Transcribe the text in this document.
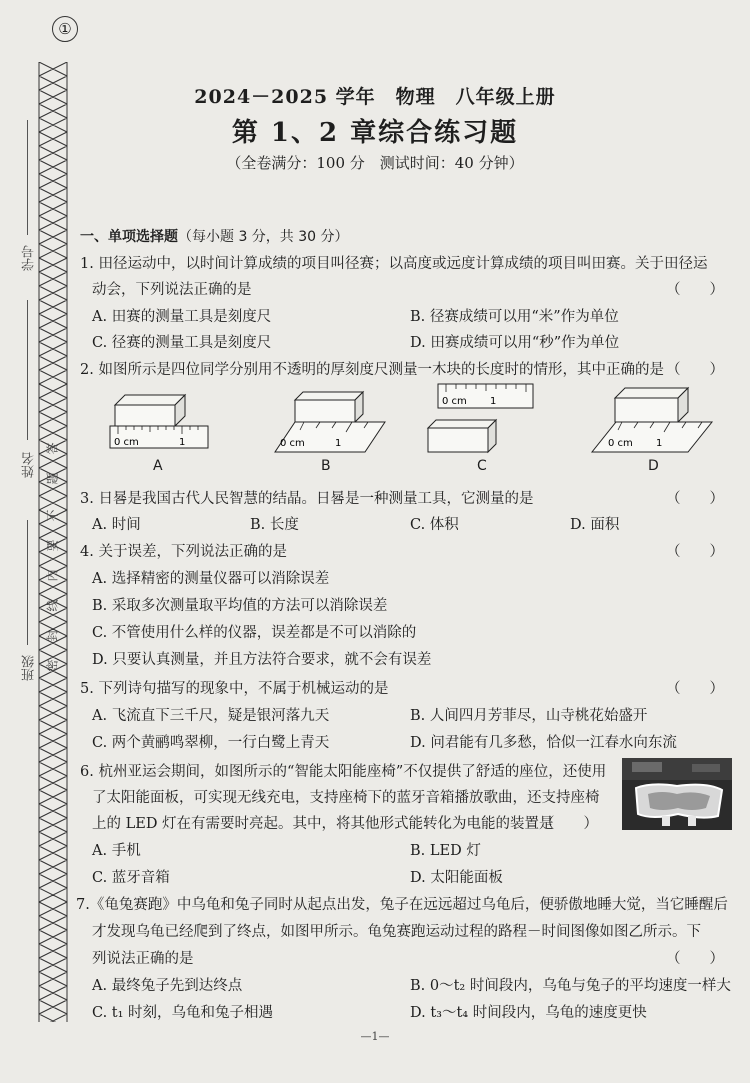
①
学号
姓名
班级
答
题
不
要
内
线
封
密
2024－2025 学年　物理　八年级上册
第 1、2 章综合练习题
（全卷满分：100 分　测试时间：40 分钟）
一、单项选择题（每小题 3 分，共 30 分）
1. 田径运动中，以时间计算成绩的项目叫径赛；以高度或远度计算成绩的项目叫田赛。关于田径运
动会，下列说法正确的是	（　　）
A. 田赛的测量工具是刻度尺	B. 径赛成绩可以用“米”作为单位
C. 径赛的测量工具是刻度尺	D. 田赛成绩可以用“秒”作为单位
2. 如图所示是四位同学分别用不透明的厚刻度尺测量一木块的长度时的情形，其中正确的是 （　　）
0 cm	1	0 cm	1
0 cm 1
0 cm 1
A	B	C	D
3. 日晷是我国古代人民智慧的结晶。日晷是一种测量工具，它测量的是	（　　）
A. 时间	B. 长度	C. 体积	D. 面积
4. 关于误差，下列说法正确的是	（　　）
A. 选择精密的测量仪器可以消除误差
B. 采取多次测量取平均值的方法可以消除误差
C. 不管使用什么样的仪器，误差都是不可以消除的
D. 只要认真测量，并且方法符合要求，就不会有误差
5. 下列诗句描写的现象中，不属于机械运动的是	（　　）
A. 飞流直下三千尺，疑是银河落九天	B. 人间四月芳菲尽，山寺桃花始盛开
C. 两个黄鹂鸣翠柳，一行白鹭上青天	D. 问君能有几多愁，恰似一江春水向东流
6. 杭州亚运会期间，如图所示的“智能太阳能座椅”不仅提供了舒适的座位，还使用
了太阳能面板，可实现无线充电，支持座椅下的蓝牙音箱播放歌曲，还支持座椅
上的 LED 灯在有需要时亮起。其中，将其他形式能转化为电能的装置是
（　　）
A. 手机	B. LED 灯
C. 蓝牙音箱	D. 太阳能面板
7.《龟兔赛跑》中乌龟和兔子同时从起点出发，兔子在远远超过乌龟后，便骄傲地睡大觉，当它睡醒后
才发现乌龟已经爬到了终点，如图甲所示。龟兔赛跑运动过程的路程－时间图像如图乙所示。下
列说法正确的是	（　　）
A. 最终兔子先到达终点	B. 0～t₂ 时间段内，乌龟与兔子的平均速度一样大
C. t₁ 时刻，乌龟和兔子相遇	D. t₃～t₄ 时间段内，乌龟的速度更快
—1—
